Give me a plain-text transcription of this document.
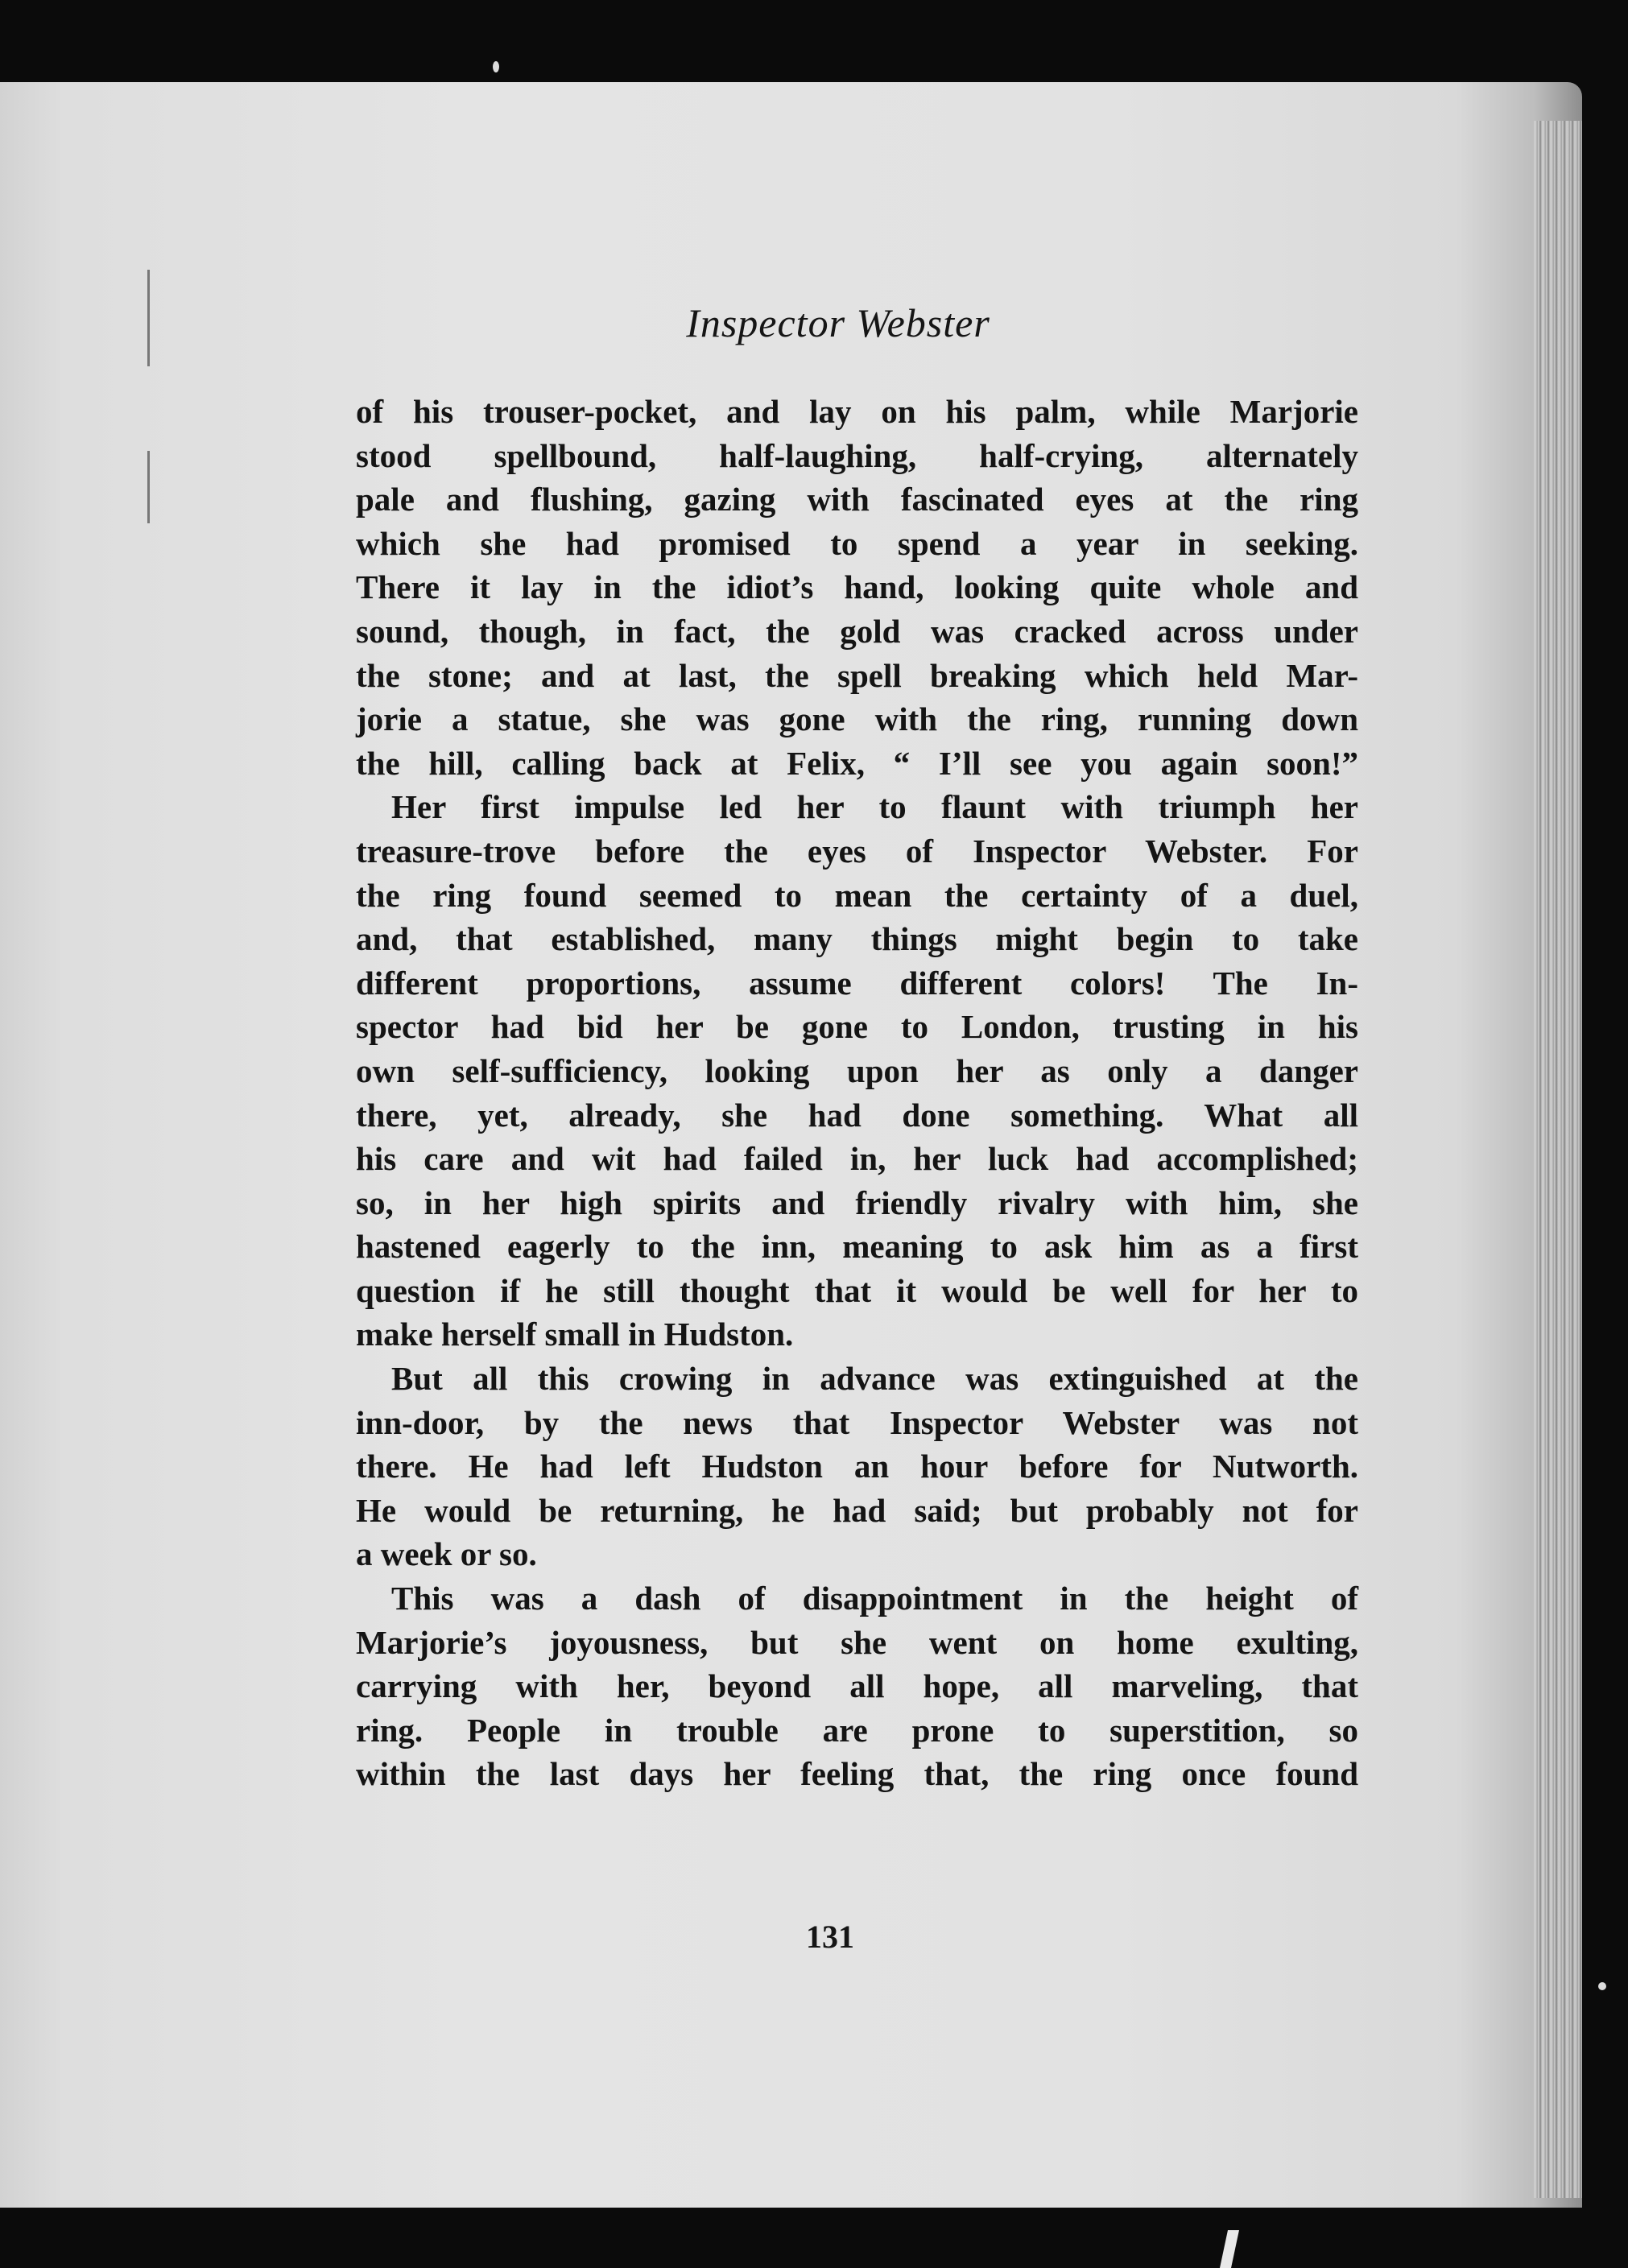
Inspector Webster

of his trouser-pocket, and lay on his palm, while Marjorie
stood spellbound, half-laughing, half-crying, alternately
pale and flushing, gazing with fascinated eyes at the ring
which she had promised to spend a year in seeking.
There it lay in the idiot’s hand, looking quite whole and
sound, though, in fact, the gold was cracked across under
the stone; and at last, the spell breaking which held Mar-
jorie a statue, she was gone with the ring, running down
the hill, calling back at Felix, “ I’ll see you again soon!”

Her first impulse led her to flaunt with triumph her
treasure-trove before the eyes of Inspector Webster. For
the ring found seemed to mean the certainty of a duel,
and, that established, many things might begin to take
different proportions, assume different colors! The In-
spector had bid her be gone to London, trusting in his
own self-sufficiency, looking upon her as only a danger
there, yet, already, she had done something. What all
his care and wit had failed in, her luck had accomplished;
so, in her high spirits and friendly rivalry with him, she
hastened eagerly to the inn, meaning to ask him as a first
question if he still thought that it would be well for her to
make herself small in Hudston.

But all this crowing in advance was extinguished at the
inn-door, by the news that Inspector Webster was not
there. He had left Hudston an hour before for Nutworth.
He would be returning, he had said; but probably not for
a week or so.

This was a dash of disappointment in the height of
Marjorie’s joyousness, but she went on home exulting,
carrying with her, beyond all hope, all marveling, that
ring. People in trouble are prone to superstition, so
within the last days her feeling that, the ring once found

131
